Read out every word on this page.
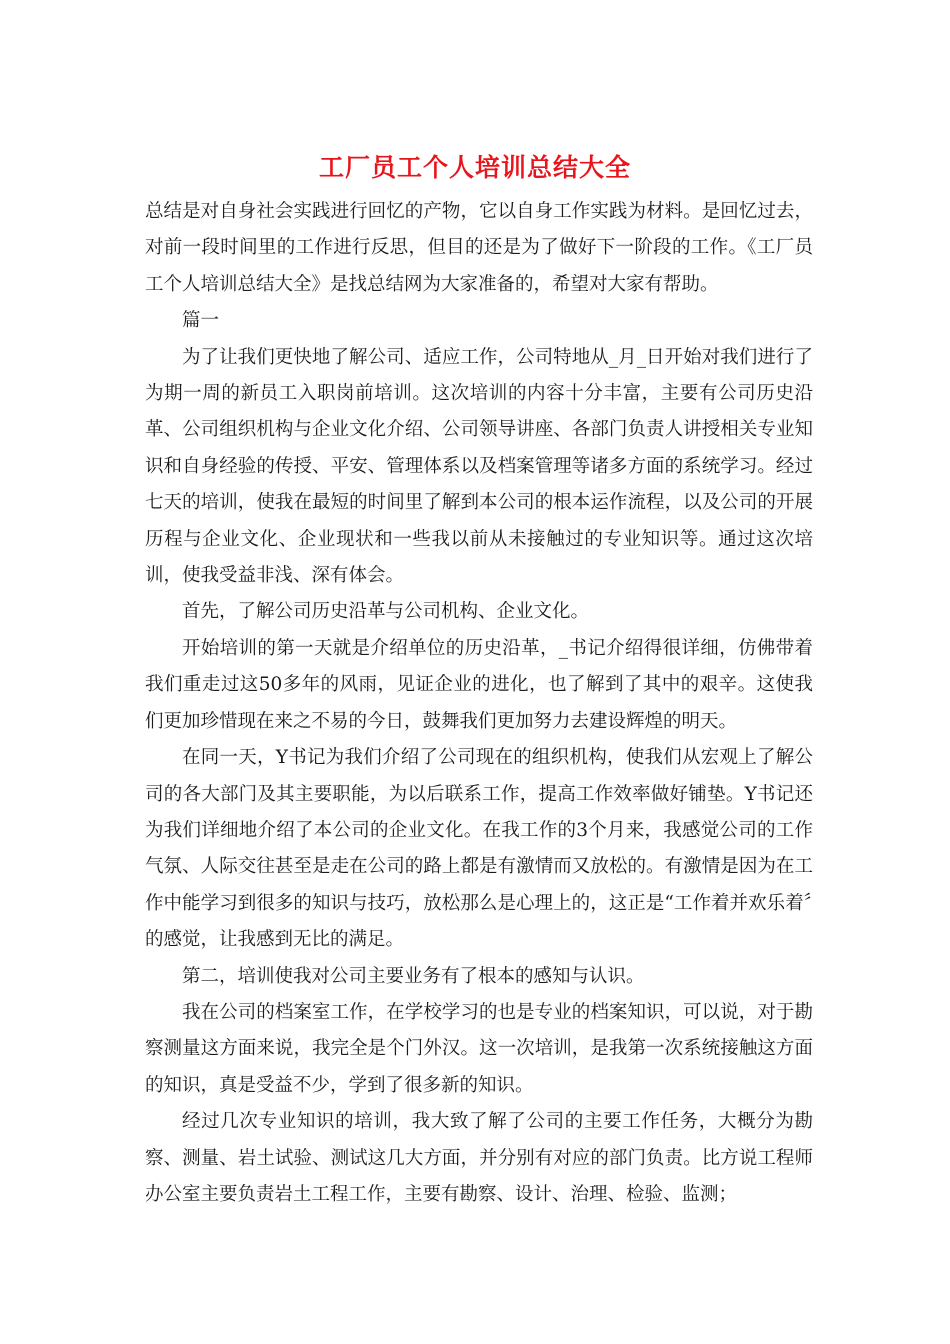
工厂员工个人培训总结大全

总结是对自身社会实践进行回忆的产物，它以自身工作实践为材料。是回忆过去，对前一段时间里的工作进行反思，但目的还是为了做好下一阶段的工作。《工厂员工个人培训总结大全》是找总结网为大家准备的，希望对大家有帮助。

篇一

为了让我们更快地了解公司、适应工作，公司特地从_月_日开始对我们进行了为期一周的新员工入职岗前培训。这次培训的内容十分丰富，主要有公司历史沿革、公司组织机构与企业文化介绍、公司领导讲座、各部门负责人讲授相关专业知识和自身经验的传授、平安、管理体系以及档案管理等诸多方面的系统学习。经过七天的培训，使我在最短的时间里了解到本公司的根本运作流程，以及公司的开展历程与企业文化、企业现状和一些我以前从未接触过的专业知识等。通过这次培训，使我受益非浅、深有体会。

首先，了解公司历史沿革与公司机构、企业文化。

开始培训的第一天就是介绍单位的历史沿革，_书记介绍得很详细，仿佛带着我们重走过这50多年的风雨，见证企业的进化，也了解到了其中的艰辛。这使我们更加珍惜现在来之不易的今日，鼓舞我们更加努力去建设辉煌的明天。

在同一天，Y书记为我们介绍了公司现在的组织机构，使我们从宏观上了解公司的各大部门及其主要职能，为以后联系工作，提高工作效率做好铺垫。Y书记还为我们详细地介绍了本公司的企业文化。在我工作的3个月来，我感觉公司的工作气氛、人际交往甚至是走在公司的路上都是有激情而又放松的。有激情是因为在工作中能学习到很多的知识与技巧，放松那么是心理上的，这正是“工作着并欢乐着〞的感觉，让我感到无比的满足。

第二，培训使我对公司主要业务有了根本的感知与认识。

我在公司的档案室工作，在学校学习的也是专业的档案知识，可以说，对于勘察测量这方面来说，我完全是个门外汉。这一次培训，是我第一次系统接触这方面的知识，真是受益不少，学到了很多新的知识。

经过几次专业知识的培训，我大致了解了公司的主要工作任务，大概分为勘察、测量、岩土试验、测试这几大方面，并分别有对应的部门负责。比方说工程师办公室主要负责岩土工程工作，主要有勘察、设计、治理、检验、监测；
